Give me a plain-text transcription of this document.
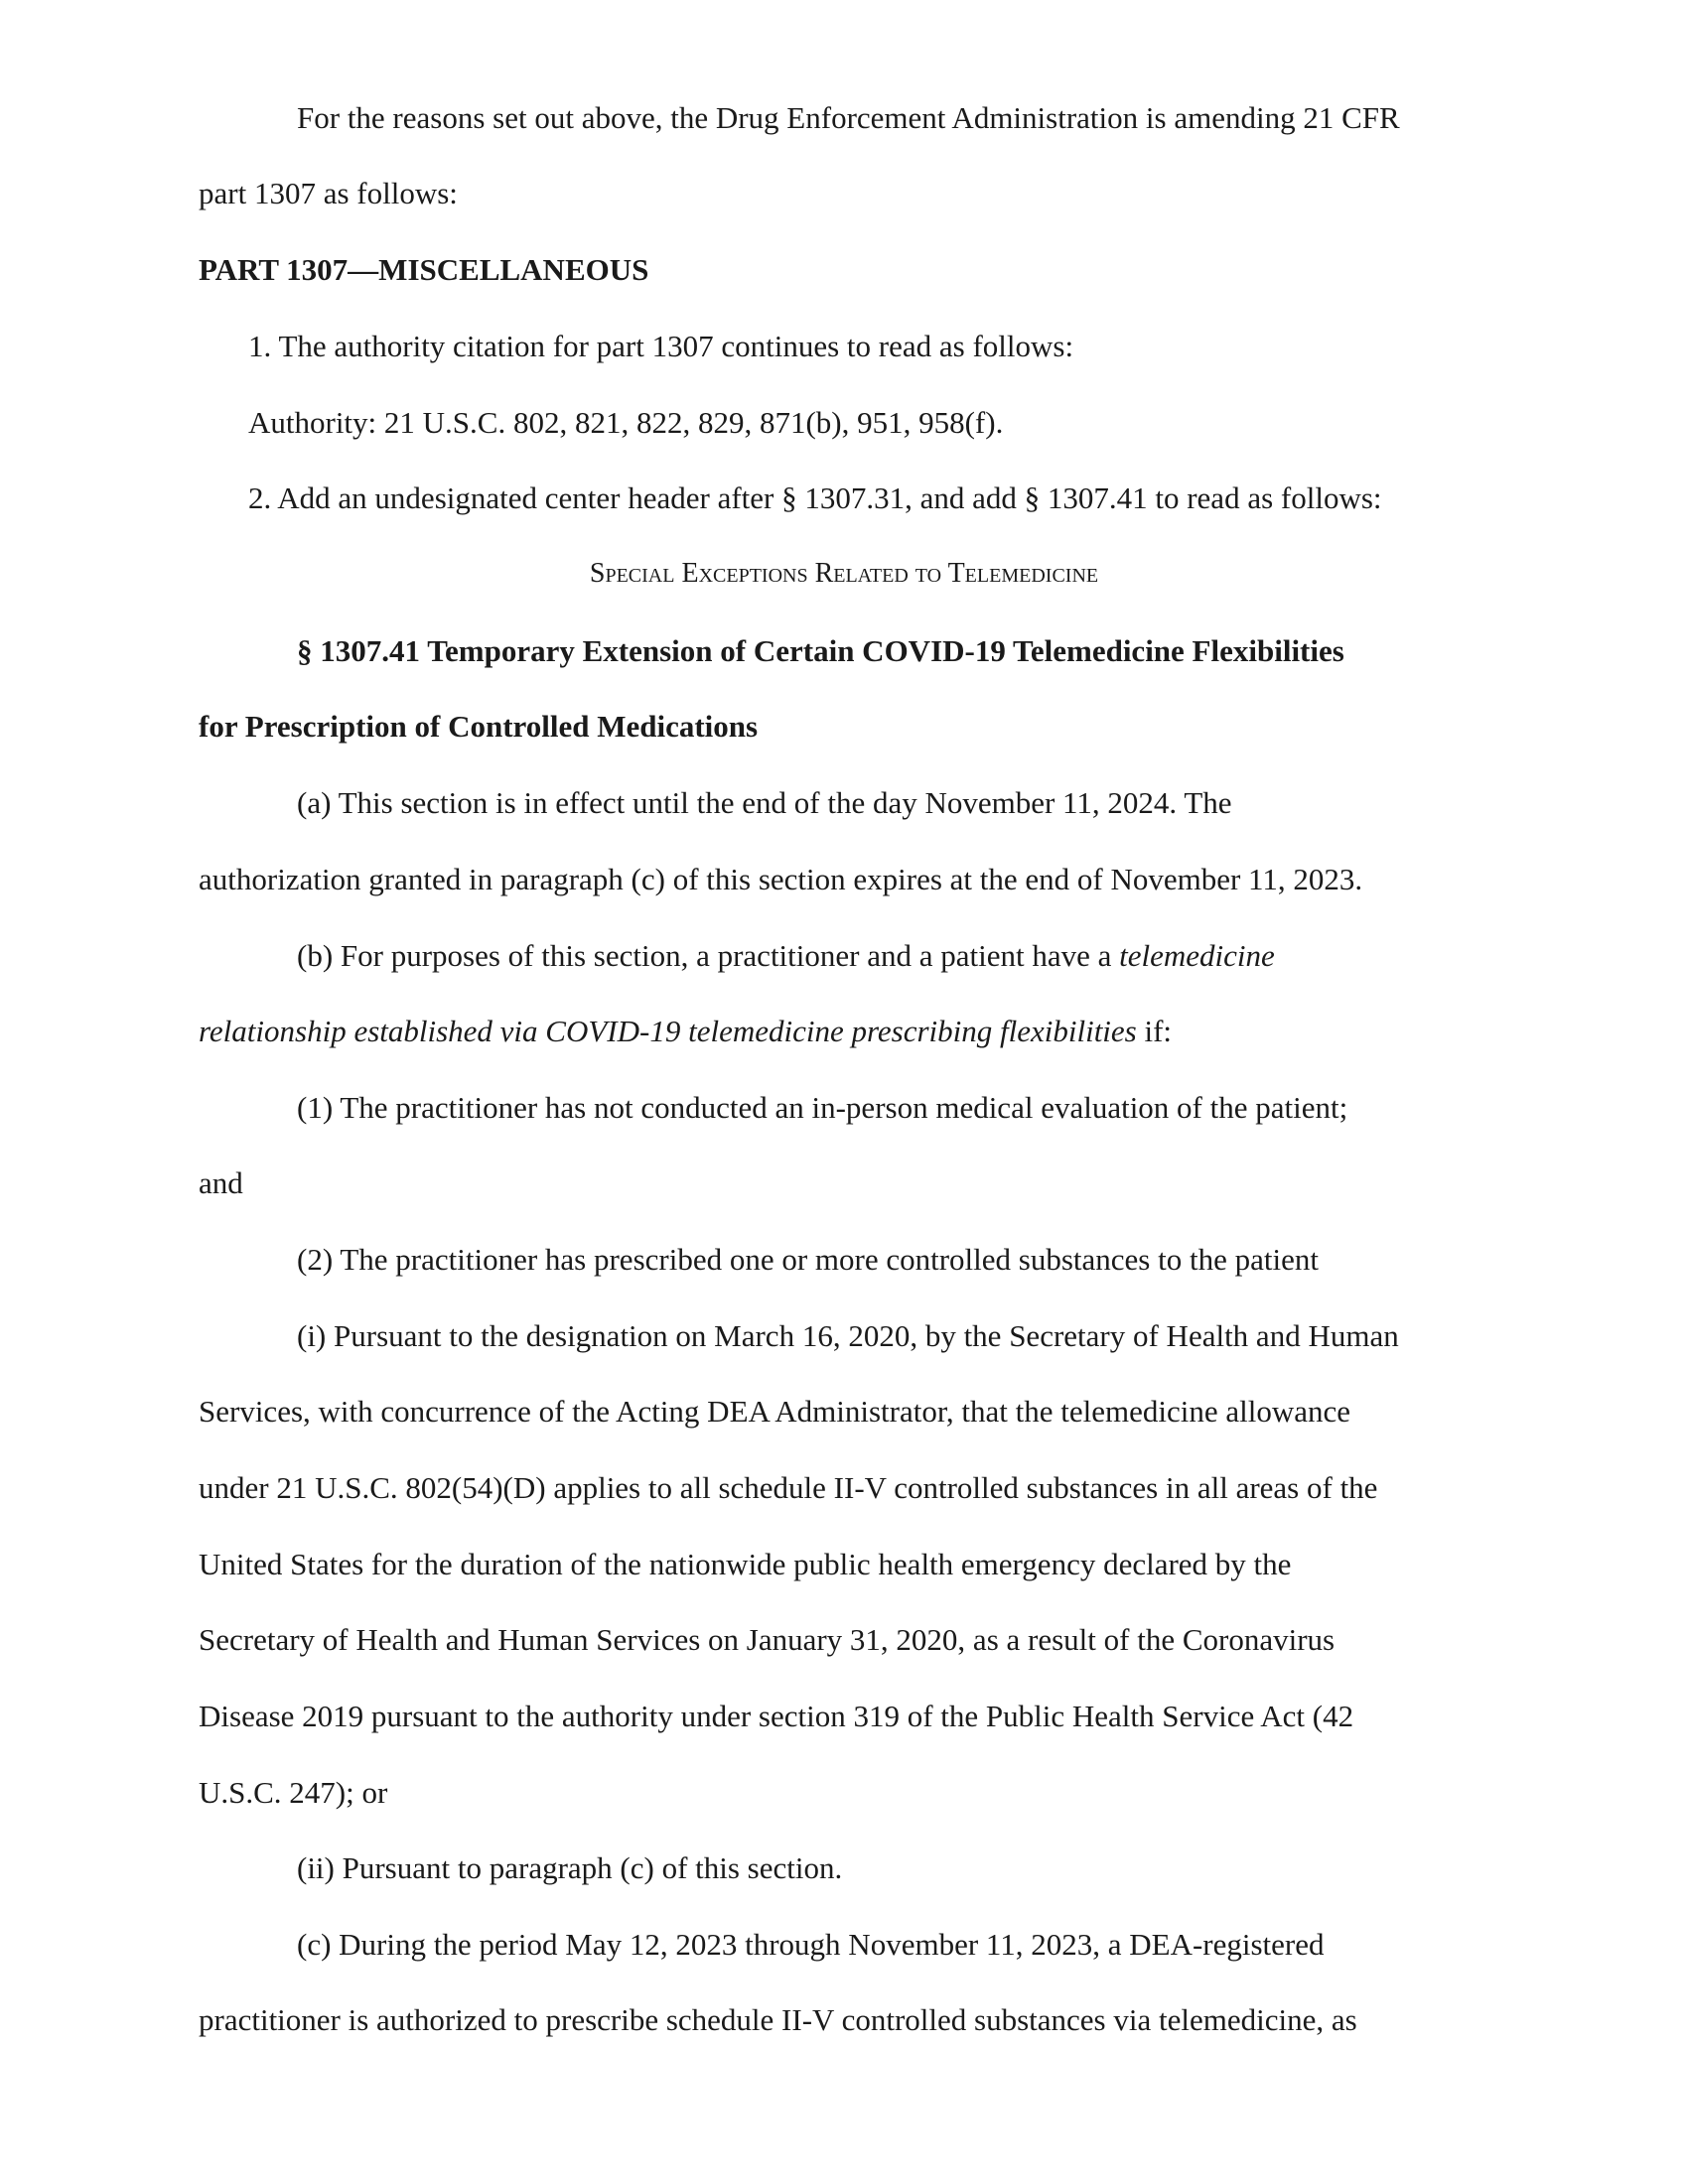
For the reasons set out above, the Drug Enforcement Administration is amending 21 CFR
part 1307 as follows:
PART 1307—MISCELLANEOUS
1. The authority citation for part 1307 continues to read as follows:
Authority: 21 U.S.C. 802, 821, 822, 829, 871(b), 951, 958(f).
2. Add an undesignated center header after § 1307.31, and add § 1307.41 to read as follows:
Special Exceptions Related to Telemedicine
§ 1307.41 Temporary Extension of Certain COVID-19 Telemedicine Flexibilities
for Prescription of Controlled Medications
(a) This section is in effect until the end of the day November 11, 2024. The
authorization granted in paragraph (c) of this section expires at the end of November 11, 2023.
(b) For purposes of this section, a practitioner and a patient have a telemedicine
relationship established via COVID-19 telemedicine prescribing flexibilities if:
(1) The practitioner has not conducted an in-person medical evaluation of the patient;
and
(2) The practitioner has prescribed one or more controlled substances to the patient
(i) Pursuant to the designation on March 16, 2020, by the Secretary of Health and Human
Services, with concurrence of the Acting DEA Administrator, that the telemedicine allowance
under 21 U.S.C. 802(54)(D) applies to all schedule II-V controlled substances in all areas of the
United States for the duration of the nationwide public health emergency declared by the
Secretary of Health and Human Services on January 31, 2020, as a result of the Coronavirus
Disease 2019 pursuant to the authority under section 319 of the Public Health Service Act (42
U.S.C. 247); or
(ii) Pursuant to paragraph (c) of this section.
(c) During the period May 12, 2023 through November 11, 2023, a DEA-registered
practitioner is authorized to prescribe schedule II-V controlled substances via telemedicine, as
